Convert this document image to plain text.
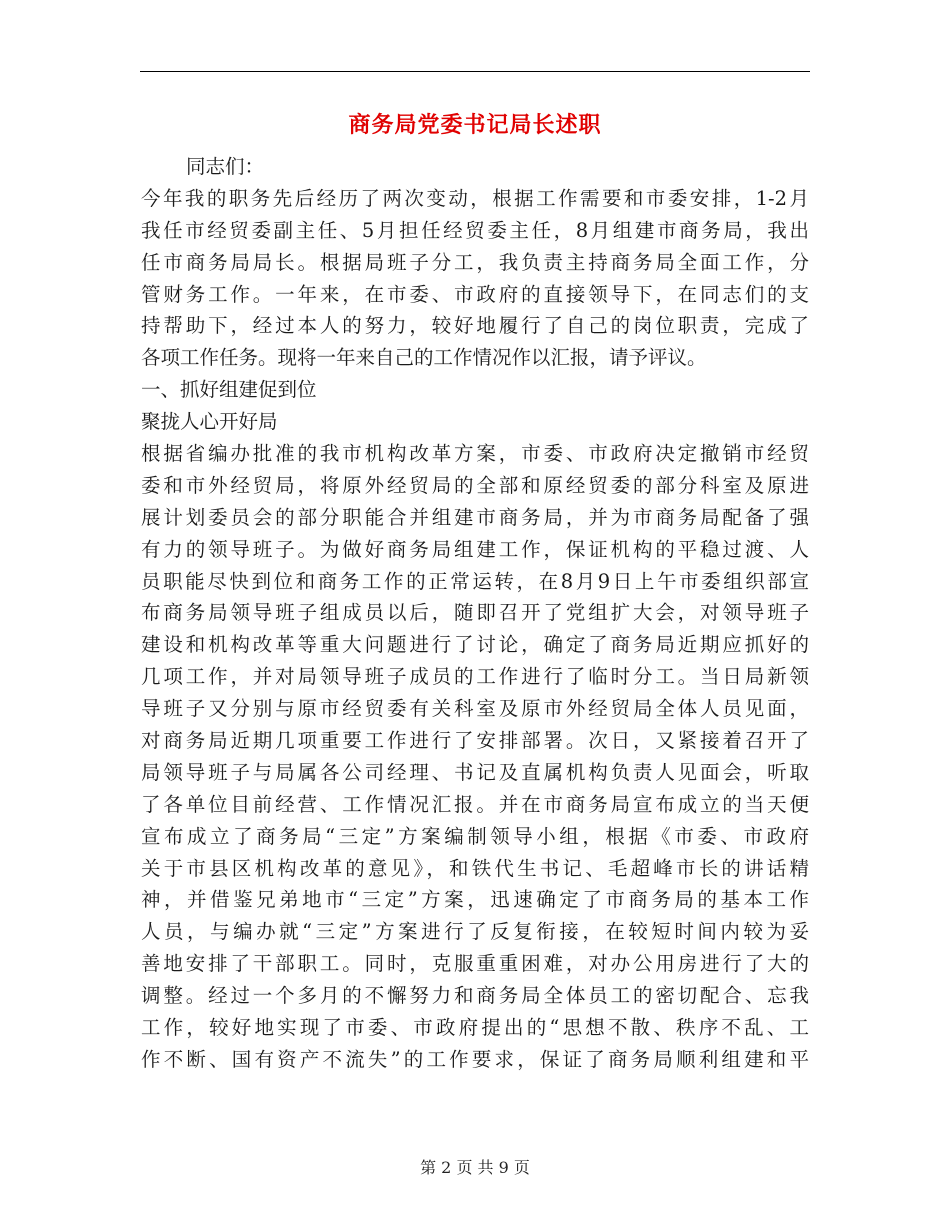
商务局党委书记局长述职
同志们：
今年我的职务先后经历了两次变动，根据工作需要和市委安排，1-2月
我任市经贸委副主任、5月担任经贸委主任，8月组建市商务局，我出
任市商务局局长。根据局班子分工，我负责主持商务局全面工作，分
管财务工作。一年来，在市委、市政府的直接领导下，在同志们的支
持帮助下，经过本人的努力，较好地履行了自己的岗位职责，完成了
各项工作任务。现将一年来自己的工作情况作以汇报，请予评议。
一、抓好组建促到位
聚拢人心开好局
根据省编办批准的我市机构改革方案，市委、市政府决定撤销市经贸
委和市外经贸局，将原外经贸局的全部和原经贸委的部分科室及原进
展计划委员会的部分职能合并组建市商务局，并为市商务局配备了强
有力的领导班子。为做好商务局组建工作，保证机构的平稳过渡、人
员职能尽快到位和商务工作的正常运转，在8月9日上午市委组织部宣
布商务局领导班子组成员以后，随即召开了党组扩大会，对领导班子
建设和机构改革等重大问题进行了讨论，确定了商务局近期应抓好的
几项工作，并对局领导班子成员的工作进行了临时分工。当日局新领
导班子又分别与原市经贸委有关科室及原市外经贸局全体人员见面，
对商务局近期几项重要工作进行了安排部署。次日，又紧接着召开了
局领导班子与局属各公司经理、书记及直属机构负责人见面会，听取
了各单位目前经营、工作情况汇报。并在市商务局宣布成立的当天便
宣布成立了商务局“三定”方案编制领导小组，根据《市委、市政府
关于市县区机构改革的意见》，和铁代生书记、毛超峰市长的讲话精
神，并借鉴兄弟地市“三定”方案，迅速确定了市商务局的基本工作
人员，与编办就“三定”方案进行了反复衔接，在较短时间内较为妥
善地安排了干部职工。同时，克服重重困难，对办公用房进行了大的
调整。经过一个多月的不懈努力和商务局全体员工的密切配合、忘我
工作，较好地实现了市委、市政府提出的“思想不散、秩序不乱、工
作不断、国有资产不流失”的工作要求，保证了商务局顺利组建和平
第 2 页 共 9 页
